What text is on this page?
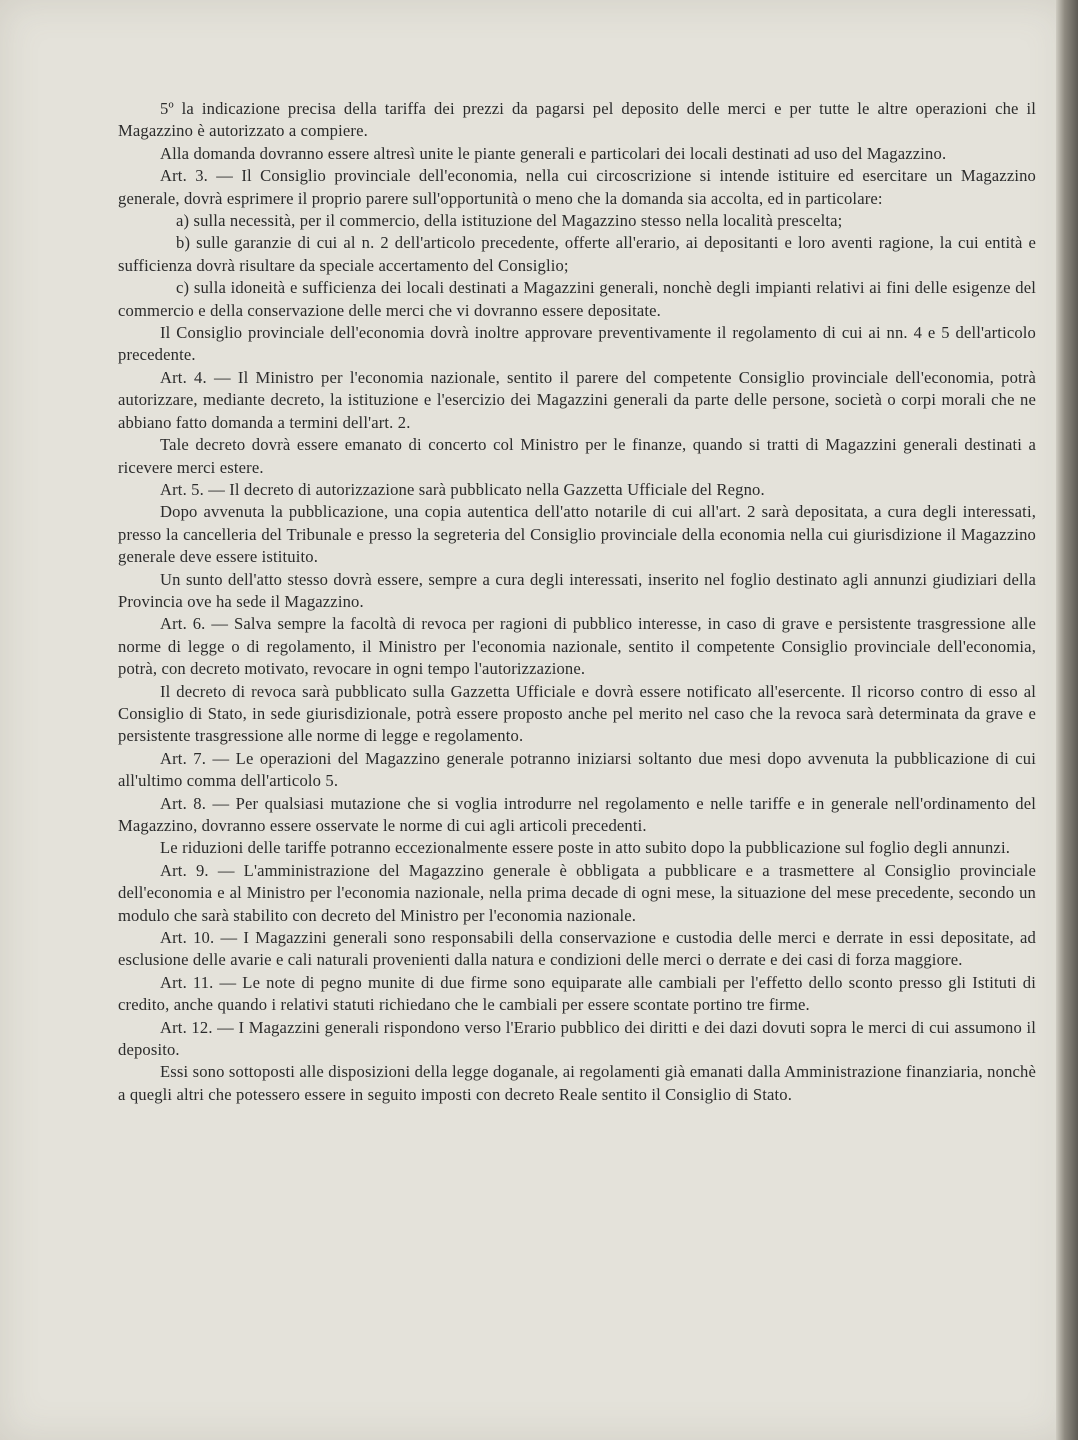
5º la indicazione precisa della tariffa dei prezzi da pagarsi pel deposito delle merci e per tutte le altre operazioni che il Magazzino è autorizzato a compiere.

Alla domanda dovranno essere altresì unite le piante generali e particolari dei locali destinati ad uso del Magazzino.

Art. 3. — Il Consiglio provinciale dell'economia, nella cui circoscrizione si intende istituire ed esercitare un Magazzino generale, dovrà esprimere il proprio parere sull'opportunità o meno che la domanda sia accolta, ed in particolare:

a) sulla necessità, per il commercio, della istituzione del Magazzino stesso nella località prescelta;

b) sulle garanzie di cui al n. 2 dell'articolo precedente, offerte all'erario, ai depositanti e loro aventi ragione, la cui entità e sufficienza dovrà risultare da speciale accertamento del Consiglio;

c) sulla idoneità e sufficienza dei locali destinati a Magazzini generali, nonchè degli impianti relativi ai fini delle esigenze del commercio e della conservazione delle merci che vi dovranno essere depositate.

Il Consiglio provinciale dell'economia dovrà inoltre approvare preventivamente il regolamento di cui ai nn. 4 e 5 dell'articolo precedente.

Art. 4. — Il Ministro per l'economia nazionale, sentito il parere del competente Consiglio provinciale dell'economia, potrà autorizzare, mediante decreto, la istituzione e l'esercizio dei Magazzini generali da parte delle persone, società o corpi morali che ne abbiano fatto domanda a termini dell'art. 2.

Tale decreto dovrà essere emanato di concerto col Ministro per le finanze, quando si tratti di Magazzini generali destinati a ricevere merci estere.

Art. 5. — Il decreto di autorizzazione sarà pubblicato nella Gazzetta Ufficiale del Regno.

Dopo avvenuta la pubblicazione, una copia autentica dell'atto notarile di cui all'art. 2 sarà depositata, a cura degli interessati, presso la cancelleria del Tribunale e presso la segreteria del Consiglio provinciale della economia nella cui giurisdizione il Magazzino generale deve essere istituito.

Un sunto dell'atto stesso dovrà essere, sempre a cura degli interessati, inserito nel foglio destinato agli annunzi giudiziari della Provincia ove ha sede il Magazzino.

Art. 6. — Salva sempre la facoltà di revoca per ragioni di pubblico interesse, in caso di grave e persistente trasgressione alle norme di legge o di regolamento, il Ministro per l'economia nazionale, sentito il competente Consiglio provinciale dell'economia, potrà, con decreto motivato, revocare in ogni tempo l'autorizzazione.

Il decreto di revoca sarà pubblicato sulla Gazzetta Ufficiale e dovrà essere notificato all'esercente. Il ricorso contro di esso al Consiglio di Stato, in sede giurisdizionale, potrà essere proposto anche pel merito nel caso che la revoca sarà determinata da grave e persistente trasgressione alle norme di legge e regolamento.

Art. 7. — Le operazioni del Magazzino generale potranno iniziarsi soltanto due mesi dopo avvenuta la pubblicazione di cui all'ultimo comma dell'articolo 5.

Art. 8. — Per qualsiasi mutazione che si voglia introdurre nel regolamento e nelle tariffe e in generale nell'ordinamento del Magazzino, dovranno essere osservate le norme di cui agli articoli precedenti.

Le riduzioni delle tariffe potranno eccezionalmente essere poste in atto subito dopo la pubblicazione sul foglio degli annunzi.

Art. 9. — L'amministrazione del Magazzino generale è obbligata a pubblicare e a trasmettere al Consiglio provinciale dell'economia e al Ministro per l'economia nazionale, nella prima decade di ogni mese, la situazione del mese precedente, secondo un modulo che sarà stabilito con decreto del Ministro per l'economia nazionale.

Art. 10. — I Magazzini generali sono responsabili della conservazione e custodia delle merci e derrate in essi depositate, ad esclusione delle avarie e cali naturali provenienti dalla natura e condizioni delle merci o derrate e dei casi di forza maggiore.

Art. 11. — Le note di pegno munite di due firme sono equiparate alle cambiali per l'effetto dello sconto presso gli Istituti di credito, anche quando i relativi statuti richiedano che le cambiali per essere scontate portino tre firme.

Art. 12. — I Magazzini generali rispondono verso l'Erario pubblico dei diritti e dei dazi dovuti sopra le merci di cui assumono il deposito.

Essi sono sottoposti alle disposizioni della legge doganale, ai regolamenti già emanati dalla Amministrazione finanziaria, nonchè a quegli altri che potessero essere in seguito imposti con decreto Reale sentito il Consiglio di Stato.
